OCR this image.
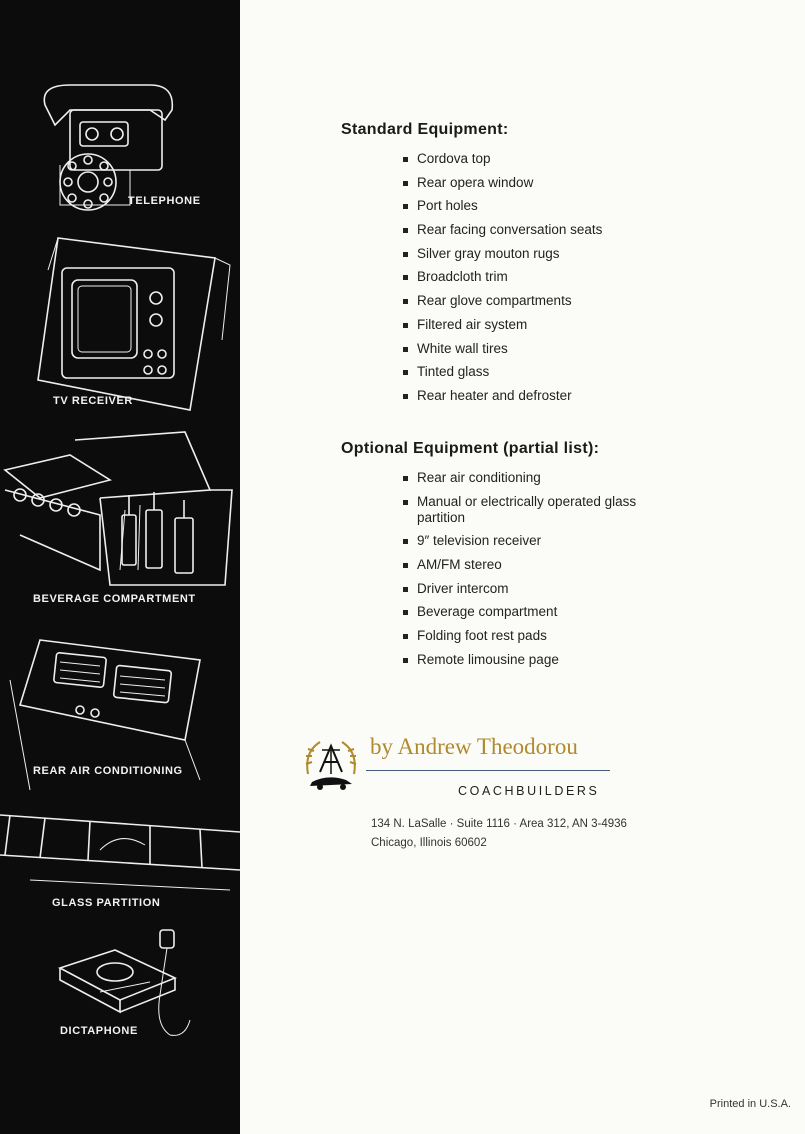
TELEPHONE
TV RECEIVER
BEVERAGE COMPARTMENT
REAR AIR CONDITIONING
GLASS PARTITION
DICTAPHONE
Standard Equipment:
Cordova top
Rear opera window
Port holes
Rear facing conversation seats
Silver gray mouton rugs
Broadcloth trim
Rear glove compartments
Filtered air system
White wall tires
Tinted glass
Rear heater and defroster
Optional Equipment (partial list):
Rear air conditioning
Manual or electrically operated glass partition
9″ television receiver
AM/FM stereo
Driver intercom
Beverage compartment
Folding foot rest pads
Remote limousine page
by Andrew Theodorou
COACHBUILDERS
134 N. LaSalle · Suite 1116 · Area 312, AN 3-4936
Chicago, Illinois 60602
Printed in U.S.A.
